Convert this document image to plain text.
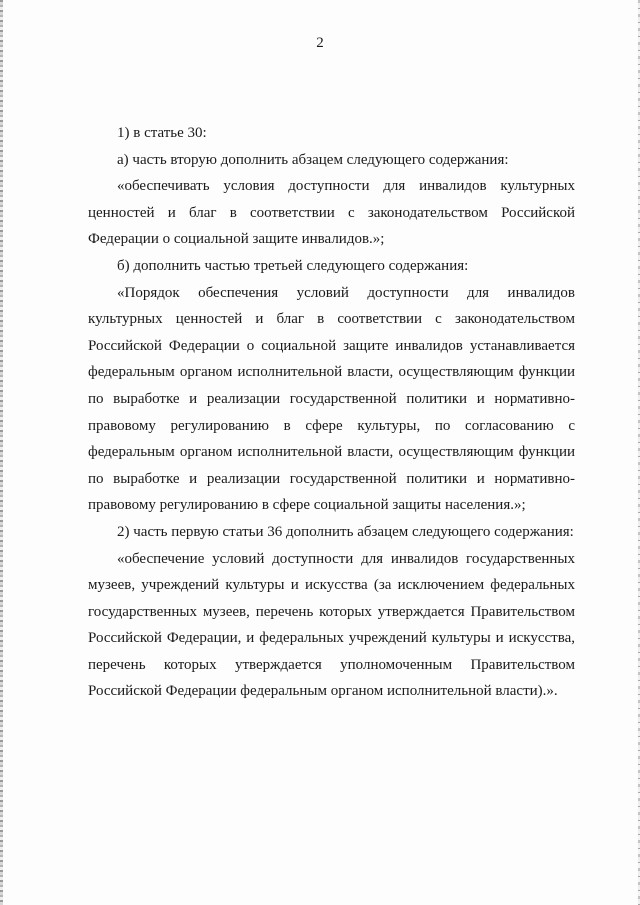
2

1) в статье 30:

а) часть вторую дополнить абзацем следующего содержания:

«обеспечивать условия доступности для инвалидов культурных ценностей и благ в соответствии с законодательством Российской Федерации о социальной защите инвалидов.»;

б) дополнить частью третьей следующего содержания:

«Порядок обеспечения условий доступности для инвалидов культурных ценностей и благ в соответствии с законодательством Российской Федерации о социальной защите инвалидов устанавливается федеральным органом исполнительной власти, осуществляющим функции по выработке и реализации государственной политики и нормативно-правовому регулированию в сфере культуры, по согласованию с федеральным органом исполнительной власти, осуществляющим функции по выработке и реализации государственной политики и нормативно-правовому регулированию в сфере социальной защиты населения.»;

2) часть первую статьи 36 дополнить абзацем следующего содержания:

«обеспечение условий доступности для инвалидов государственных музеев, учреждений культуры и искусства (за исключением федеральных государственных музеев, перечень которых утверждается Правительством Российской Федерации, и федеральных учреждений культуры и искусства, перечень которых утверждается уполномоченным Правительством Российской Федерации федеральным органом исполнительной власти).».
